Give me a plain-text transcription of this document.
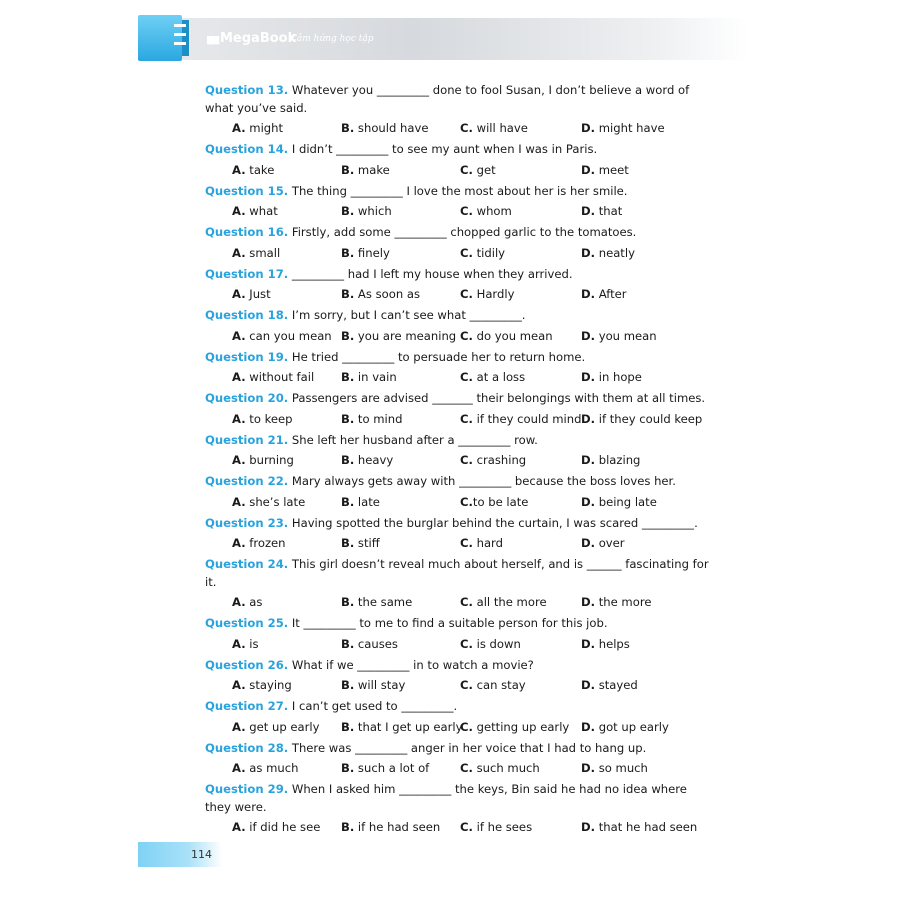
▮▮▮ MegaBook
Cảm hứng học tập
Question 13. Whatever you _________ done to fool Susan, I don’t believe a word of what you’ve said.
A. might	B. should have	C. will have	D. might have
Question 14. I didn’t _________ to see my aunt when I was in Paris.
A. take	B. make	C. get	D. meet
Question 15. The thing _________ I love the most about her is her smile.
A. what	B. which	C. whom	D. that
Question 16. Firstly, add some _________ chopped garlic to the tomatoes.
A. small	B. finely	C. tidily	D. neatly
Question 17. _________ had I left my house when they arrived.
A. Just	B. As soon as	C. Hardly	D. After
Question 18. I’m sorry, but I can’t see what _________.
A. can you mean B. you are meaning C. do you mean D. you mean
Question 19. He tried _________ to persuade her to return home.
A. without fail B. in vain	C. at a loss	D. in hope
Question 20. Passengers are advised _______ their belongings with them at all times.
A. to keep	B. to mind	C. if they could mind D. if they could keep
Question 21. She left her husband after a _________ row.
A. burning	B. heavy	C. crashing	D. blazing
Question 22. Mary always gets away with _________ because the boss loves her.
A. she’s late	B. late	C.to be late	D. being late
Question 23. Having spotted the burglar behind the curtain, I was scared _________.
A. frozen	B. stiff	C. hard	D. over
Question 24. This girl doesn’t reveal much about herself, and is ______ fascinating for it.
A. as	B. the same	C. all the more	D. the more
Question 25. It _________ to me to find a suitable person for this job.
A. is	B. causes	C. is down	D. helps
Question 26. What if we _________ in to watch a movie?
A. staying	B. will stay	C. can stay	D. stayed
Question 27. I can’t get used to _________.
A. get up early B. that I get up early
C. getting up early D. got up early
Question 28. There was _________ anger in her voice that I had to hang up.
A. as much	B. such a lot of	C. such much	D. so much
Question 29. When I asked him _________ the keys, Bin said he had no idea where they were.
A. if did he see B. if he had seen C. if he sees	D. that he had seen
114
